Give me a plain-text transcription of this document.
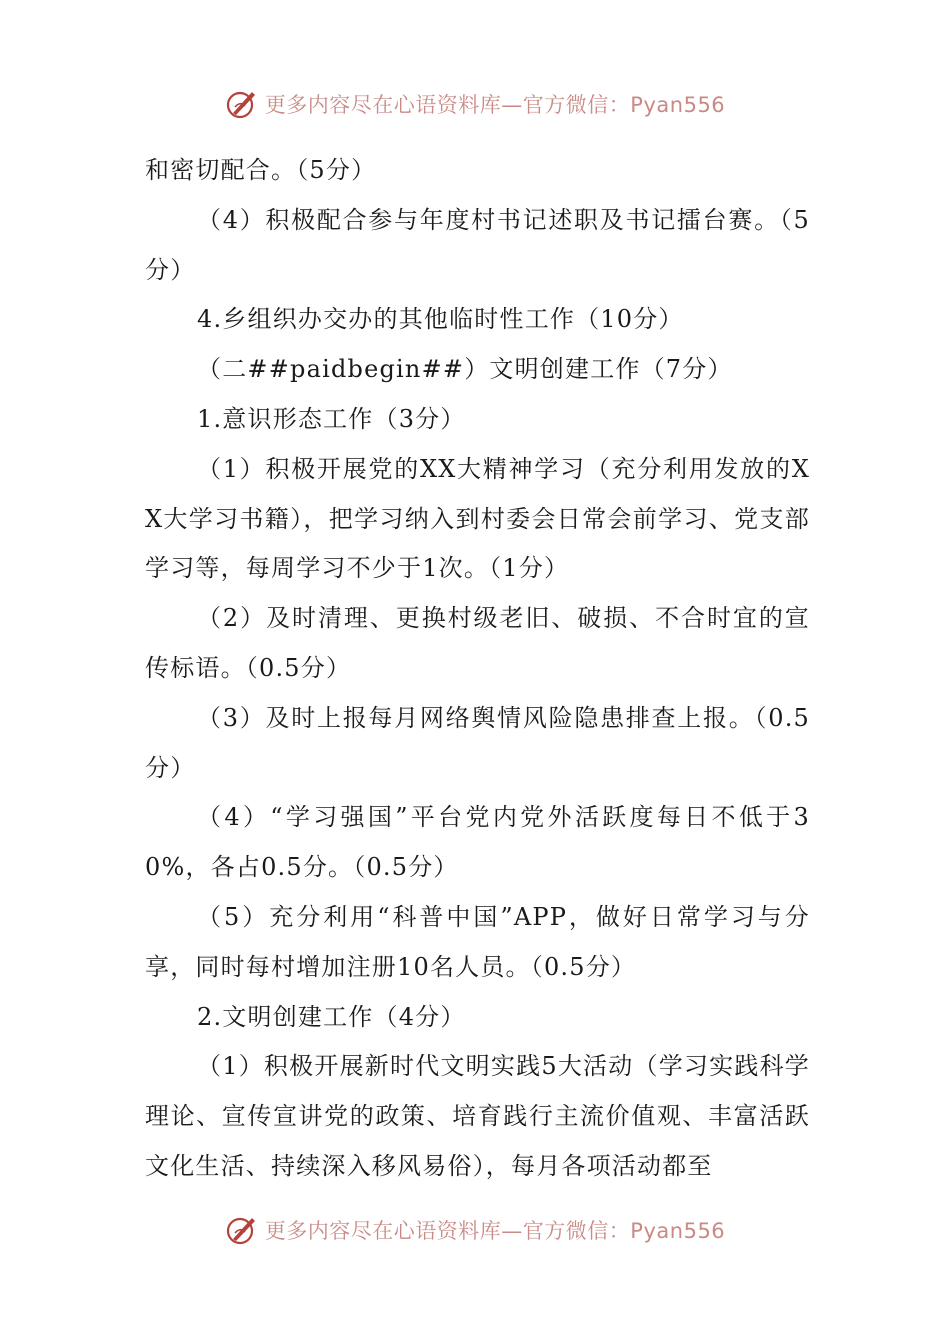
更多内容尽在心语资料库—官方微信：Pyan556

和密切配合。（5分）

（4）积极配合参与年度村书记述职及书记擂台赛。（5分）

4.乡组织办交办的其他临时性工作（10分）

（二##paidbegin##）文明创建工作（7分）

1.意识形态工作（3分）

（1）积极开展党的XX大精神学习（充分利用发放的XX大学习书籍），把学习纳入到村委会日常会前学习、党支部学习等，每周学习不少于1次。（1分）

（2）及时清理、更换村级老旧、破损、不合时宜的宣传标语。（0.5分）

（3）及时上报每月网络舆情风险隐患排查上报。（0.5分）

（4）“学习强国”平台党内党外活跃度每日不低于30%，各占0.5分。（0.5分）

（5）充分利用“科普中国”APP，做好日常学习与分享，同时每村增加注册10名人员。（0.5分）

2.文明创建工作（4分）

（1）积极开展新时代文明实践5大活动（学习实践科学理论、宣传宣讲党的政策、培育践行主流价值观、丰富活跃文化生活、持续深入移风易俗），每月各项活动都至

更多内容尽在心语资料库—官方微信：Pyan556
